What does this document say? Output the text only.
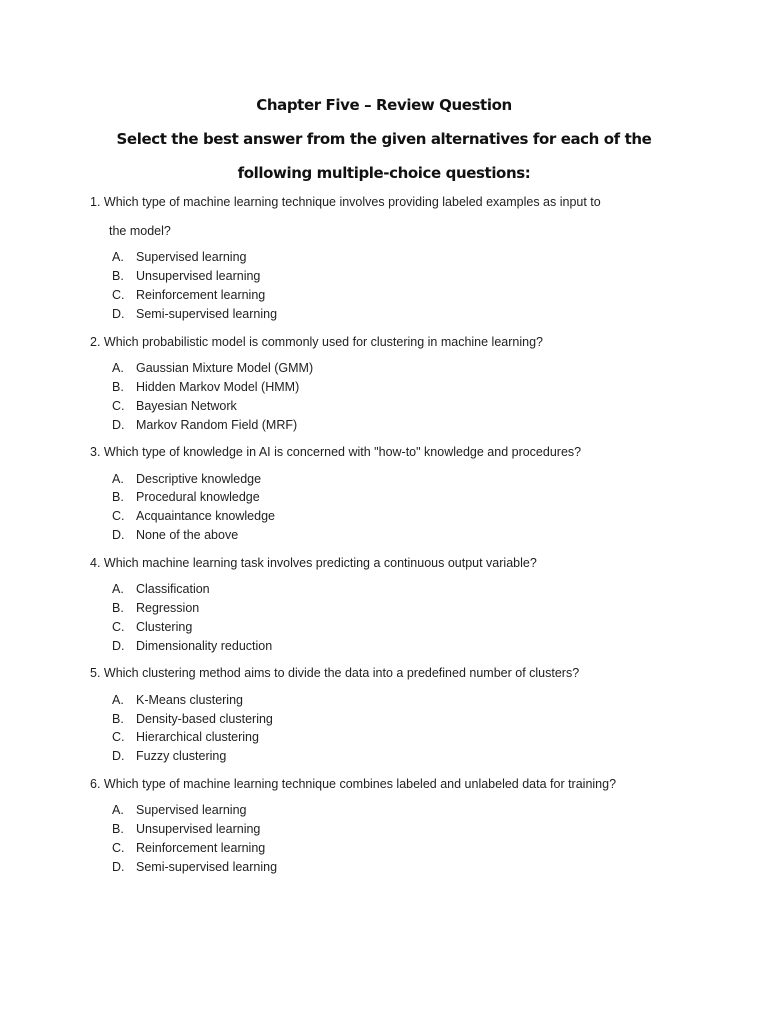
Chapter Five – Review Question
Select the best answer from the given alternatives for each of the
following multiple-choice questions:

1. Which type of machine learning technique involves providing labeled examples as input to

the model?

A. Supervised learning
B. Unsupervised learning
C. Reinforcement learning
D. Semi-supervised learning

2. Which probabilistic model is commonly used for clustering in machine learning?

A. Gaussian Mixture Model (GMM)
B. Hidden Markov Model (HMM)
C. Bayesian Network
D. Markov Random Field (MRF)

3. Which type of knowledge in AI is concerned with "how-to" knowledge and procedures?

A. Descriptive knowledge
B. Procedural knowledge
C. Acquaintance knowledge
D. None of the above

4. Which machine learning task involves predicting a continuous output variable?

A. Classification
B. Regression
C. Clustering
D. Dimensionality reduction

5. Which clustering method aims to divide the data into a predefined number of clusters?

A. K-Means clustering
B. Density-based clustering
C. Hierarchical clustering
D. Fuzzy clustering

6. Which type of machine learning technique combines labeled and unlabeled data for training?

A. Supervised learning
B. Unsupervised learning
C. Reinforcement learning
D. Semi-supervised learning
